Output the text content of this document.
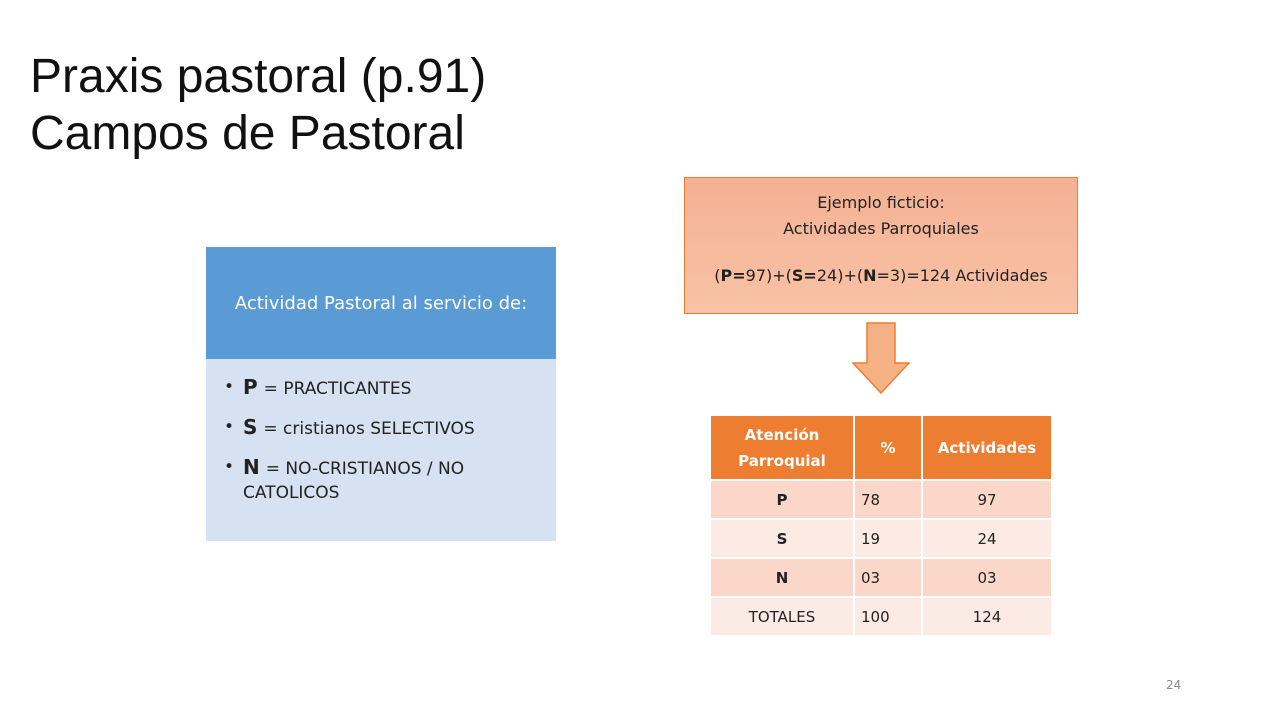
Praxis pastoral (p.91)
Campos de Pastoral
Actividad Pastoral al servicio de:
• P = PRACTICANTES
• S = cristianos SELECTIVOS
• N = NO-CRISTIANOS / NO CATOLICOS
Ejemplo ficticio:
Actividades Parroquiales
(P=97)+(S=24)+(N=3)=124 Actividades
Atención Parroquial	%	Actividades
P	78	97
S	19	24
N	03	03
TOTALES	100	124
24
